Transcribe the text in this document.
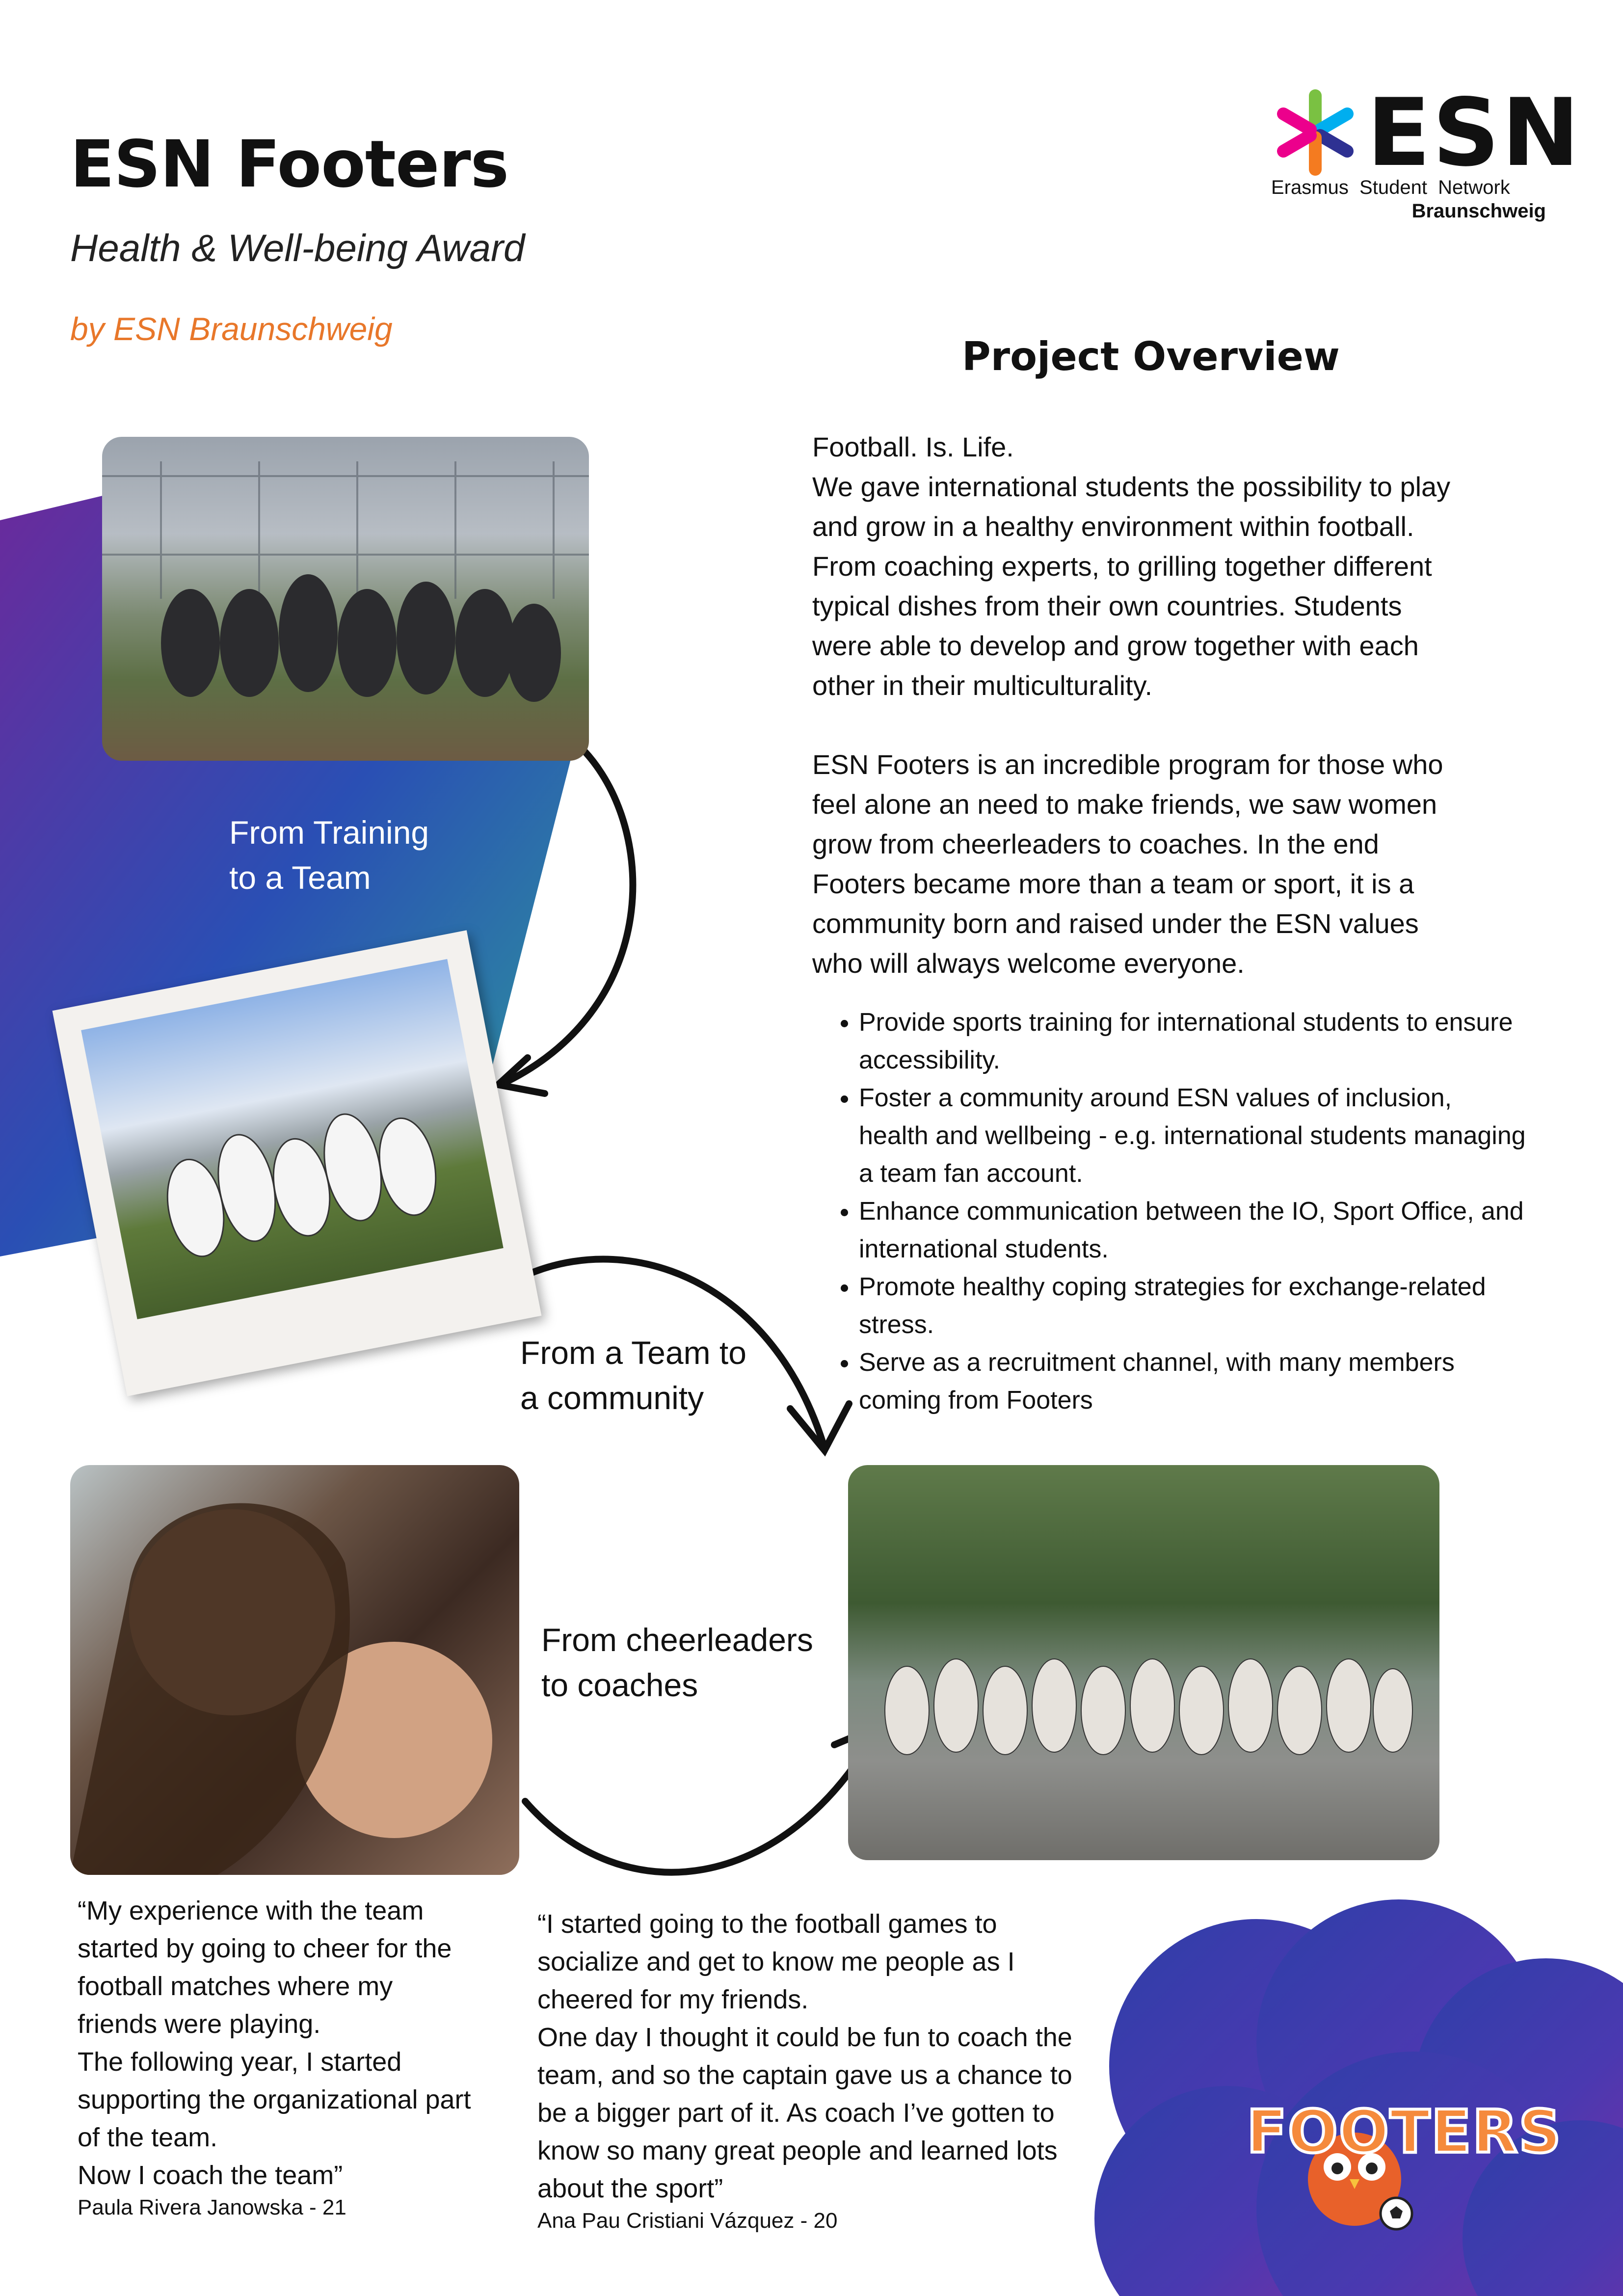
ESN Footers
Health & Well-being Award
by ESN Braunschweig
ESN
Erasmus  Student  Network
Braunschweig
Project Overview

Football. Is. Life.
We gave international students the possibility to play
and grow in a healthy environment within football.
From coaching experts, to grilling together different
typical dishes from their own countries. Students
were able to develop and grow together with each
other in their multiculturality.

ESN Footers is an incredible program for those who
feel alone an need to make friends, we saw women
grow from cheerleaders to coaches. In the end
Footers became more than a team or sport, it is a
community born and raised under the ESN values
who will always welcome everyone.

• Provide sports training for international students to ensure accessibility.
• Foster a community around ESN values of inclusion, health and wellbeing - e.g. international students managing a team fan account.
• Enhance communication between the IO, Sport Office, and international students.
• Promote healthy coping strategies for exchange-related stress.
• Serve as a recruitment channel, with many members coming from Footers
From Training
to a Team
From a Team to
a community
From cheerleaders
to coaches
“My experience with the team
started by going to cheer for the
football matches where my
friends were playing.
The following year, I started
supporting the organizational part
of the team.
Now I coach the team”
Paula Rivera Janowska - 21
“I started going to the football games to
socialize and get to know me people as I
cheered for my friends.
One day I thought it could be fun to coach the
team, and so the captain gave us a chance to
be a bigger part of it. As coach I’ve gotten to
know so many great people and learned lots
about the sport”
Ana Pau Cristiani Vázquez - 20
FOOTERS
